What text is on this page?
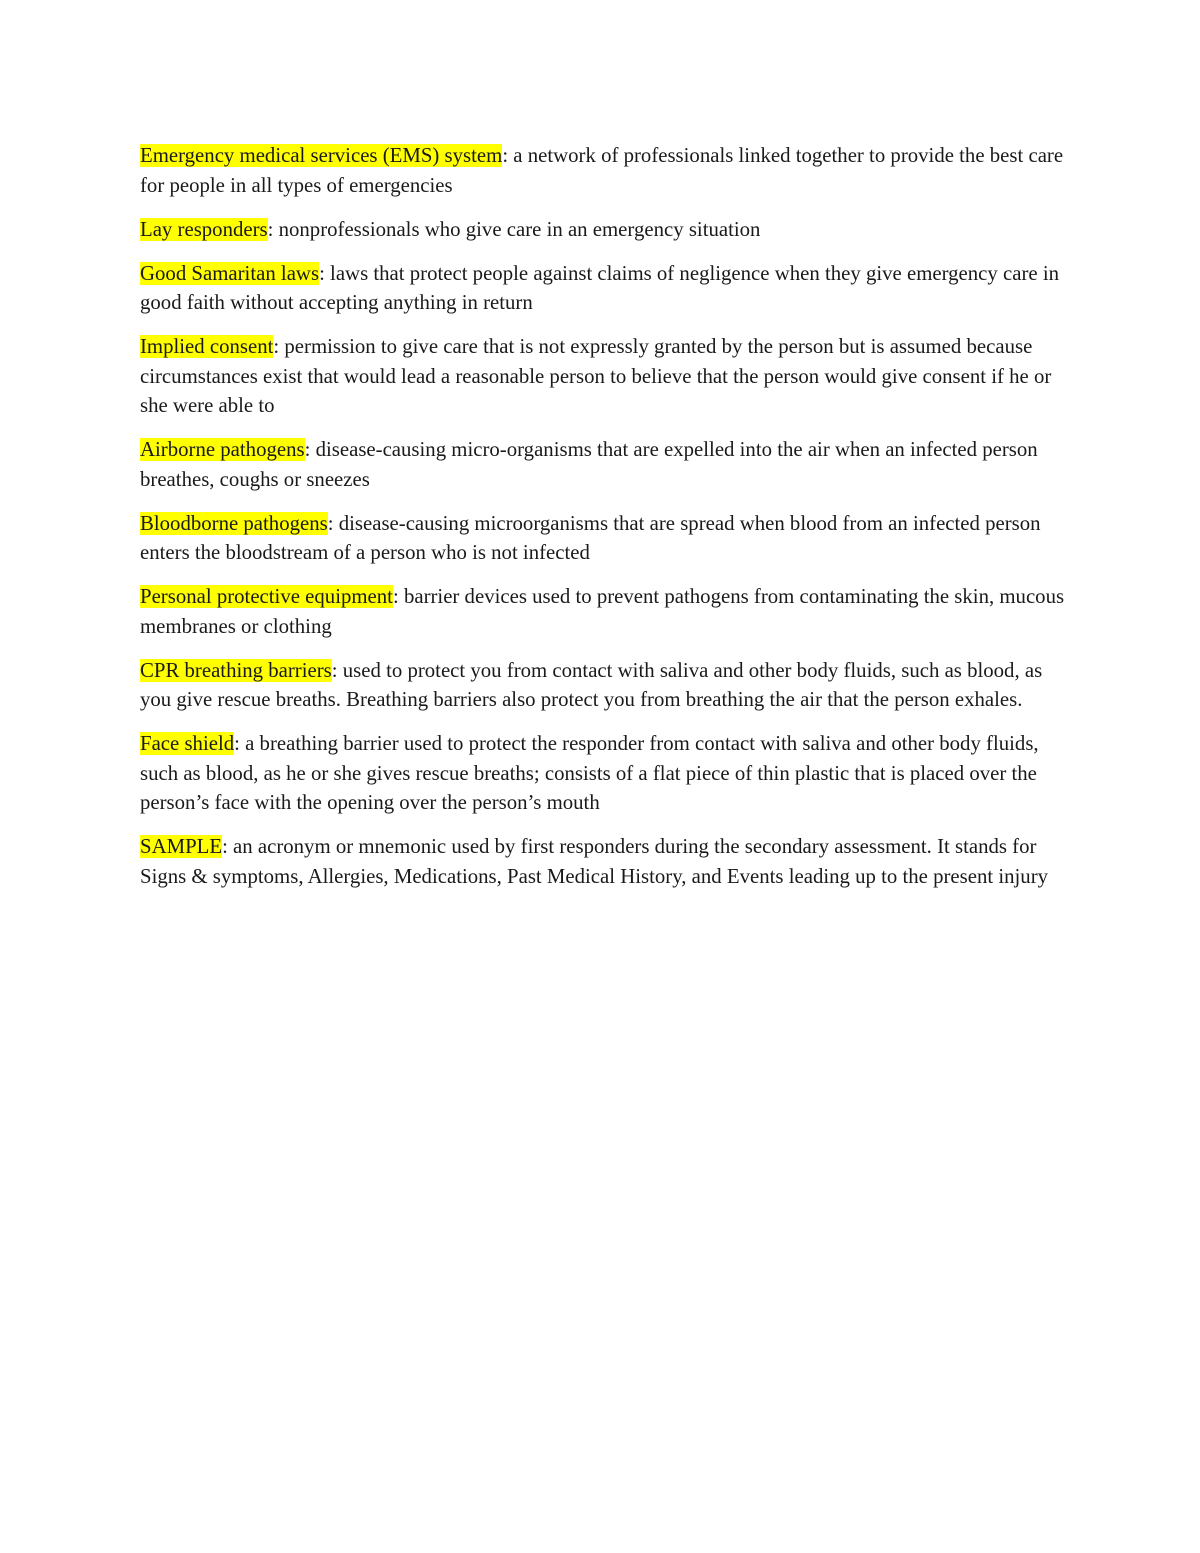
Emergency medical services (EMS) system: a network of professionals linked together to provide the best care for people in all types of emergencies

Lay responders: nonprofessionals who give care in an emergency situation

Good Samaritan laws: laws that protect people against claims of negligence when they give emergency care in good faith without accepting anything in return

Implied consent: permission to give care that is not expressly granted by the person but is assumed because circumstances exist that would lead a reasonable person to believe that the person would give consent if he or she were able to

Airborne pathogens: disease-causing micro-organisms that are expelled into the air when an infected person breathes, coughs or sneezes

Bloodborne pathogens: disease-causing microorganisms that are spread when blood from an infected person enters the bloodstream of a person who is not infected

Personal protective equipment: barrier devices used to prevent pathogens from contaminating the skin, mucous membranes or clothing

CPR breathing barriers: used to protect you from contact with saliva and other body fluids, such as blood, as you give rescue breaths. Breathing barriers also protect you from breathing the air that the person exhales.

Face shield: a breathing barrier used to protect the responder from contact with saliva and other body fluids, such as blood, as he or she gives rescue breaths; consists of a flat piece of thin plastic that is placed over the person’s face with the opening over the person’s mouth

SAMPLE: an acronym or mnemonic used by first responders during the secondary assessment. It stands for Signs & symptoms, Allergies, Medications, Past Medical History, and Events leading up to the present injury
